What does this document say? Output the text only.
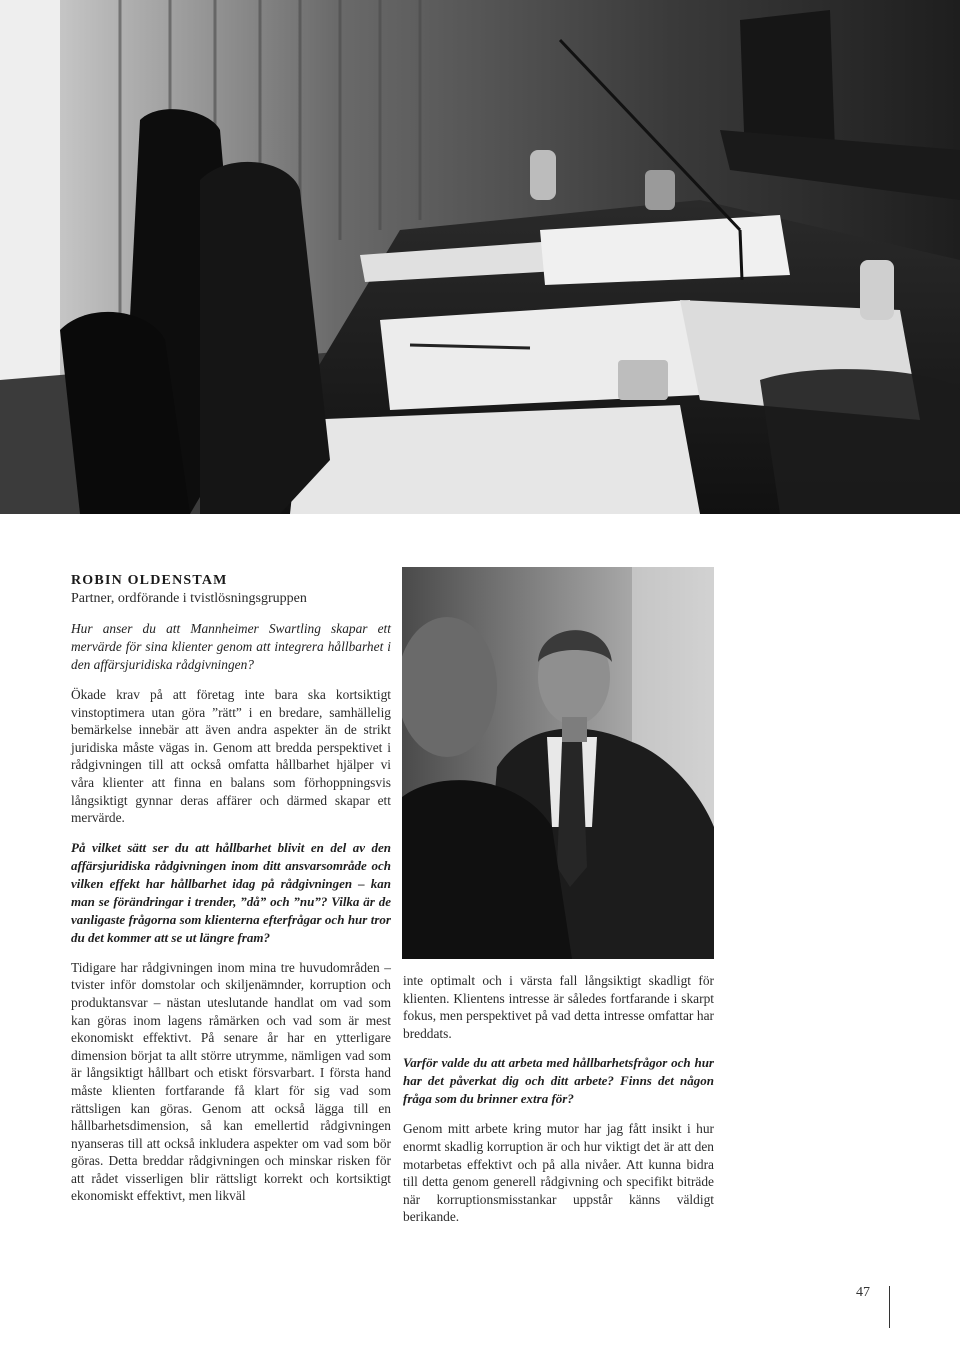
ROBIN OLDENSTAM

Partner, ordförande i tvistlösningsgruppen

Hur anser du att Mannheimer Swartling skapar ett mervärde för sina klienter genom att integrera hållbarhet i den affärsjuridiska rådgivningen?

Ökade krav på att företag inte bara ska kortsiktigt vinstoptimera utan göra ”rätt” i en bredare, samhällelig bemärkelse innebär att även andra aspekter än de strikt juridiska måste vägas in. Genom att bredda perspektivet i rådgivningen till att också omfatta hållbarhet hjälper vi våra klienter att finna en balans som förhoppningsvis långsiktigt gynnar deras affärer och därmed skapar ett mervärde.

På vilket sätt ser du att hållbarhet blivit en del av den affärsjuridiska rådgivningen inom ditt ansvarsområde och vilken effekt har hållbarhet idag på rådgivningen – kan man se förändringar i trender, ”då” och ”nu”? Vilka är de vanligaste frågorna som klienterna efterfrågar och hur tror du det kommer att se ut längre fram?

Tidigare har rådgivningen inom mina tre huvudområden – tvister inför domstolar och skiljenämnder, korruption och produktansvar – nästan uteslutande handlat om vad som kan göras inom lagens råmärken och vad som är mest ekonomiskt effektivt. På senare år har en ytterligare dimension börjat ta allt större utrymme, nämligen vad som är långsiktigt hållbart och etiskt försvarbart. I första hand måste klienten fortfarande få klart för sig vad som rättsligen kan göras. Genom att också lägga till en hållbarhetsdimension, så kan emellertid rådgivningen nyanseras till att också inkludera aspekter om vad som bör göras. Detta breddar rådgivningen och minskar risken för att rådet visserligen blir rättsligt korrekt och kortsiktigt ekonomiskt effektivt, men likväl

inte optimalt och i värsta fall långsiktigt skadligt för klienten. Klientens intresse är således fortfarande i skarpt fokus, men perspektivet på vad detta intresse omfattar har breddats.

Varför valde du att arbeta med hållbarhetsfrågor och hur har det påverkat dig och ditt arbete? Finns det någon fråga som du brinner extra för?

Genom mitt arbete kring mutor har jag fått insikt i hur enormt skadlig korruption är och hur viktigt det är att den motarbetas effektivt och på alla nivåer. Att kunna bidra till detta genom generell rådgivning och specifikt biträde när korruptionsmisstankar uppstår känns väldigt berikande.

47
